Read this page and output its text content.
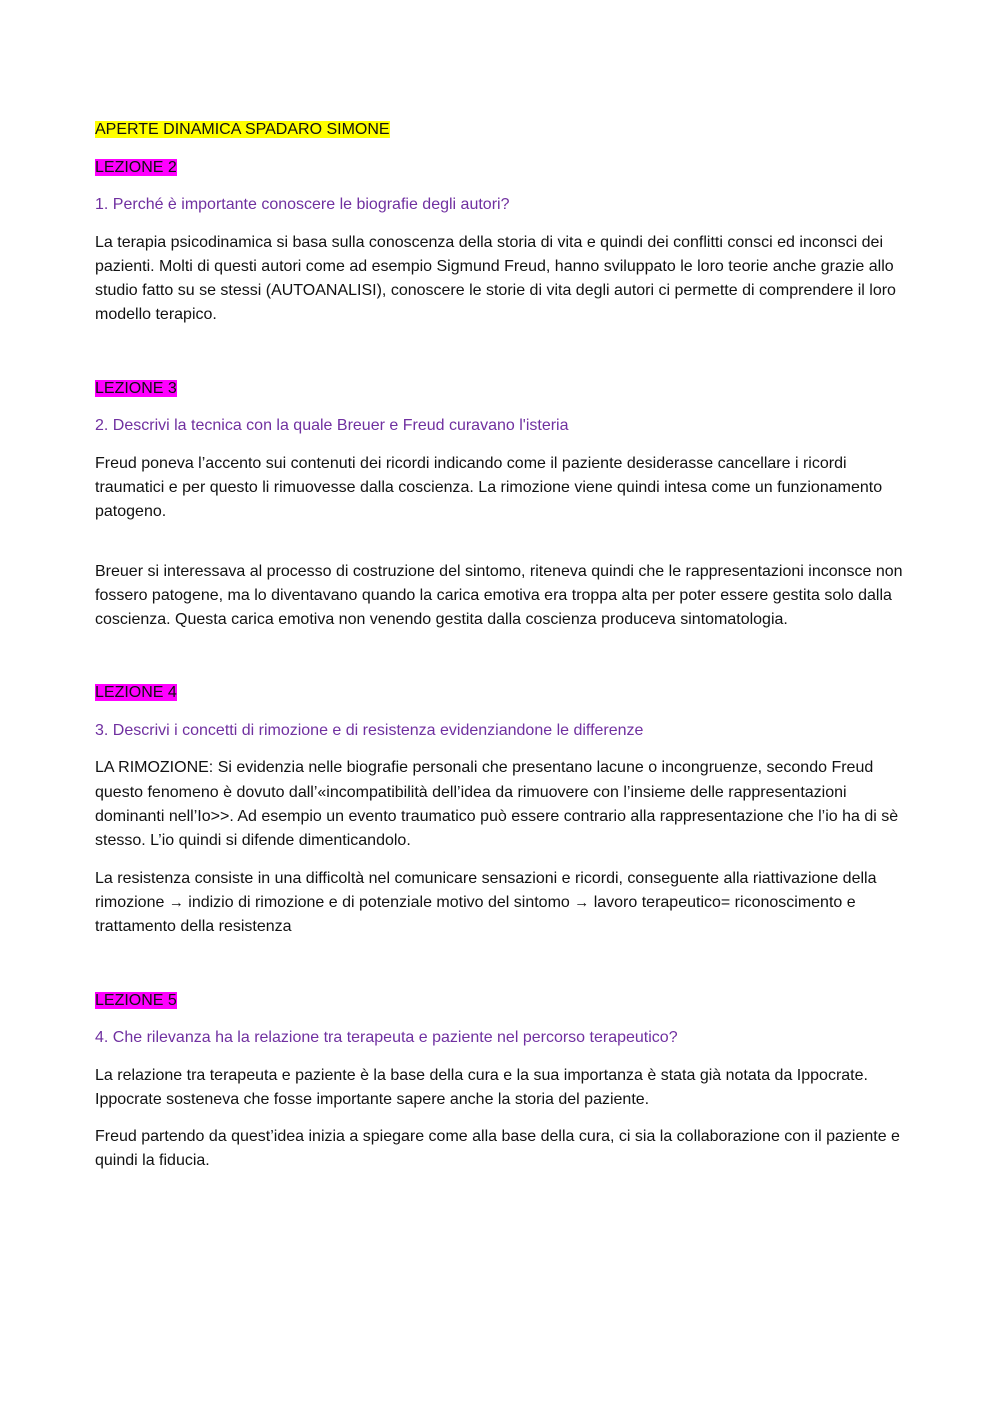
APERTE DINAMICA SPADARO SIMONE
LEZIONE 2
1. Perché è importante conoscere le biografie degli autori?

La terapia psicodinamica si basa sulla conoscenza della storia di vita e quindi dei conflitti consci ed inconsci dei pazienti. Molti di questi autori come ad esempio Sigmund Freud, hanno sviluppato le loro teorie anche grazie allo studio fatto su se stessi (AUTOANALISI), conoscere le storie di vita degli autori ci permette di comprendere il loro modello terapico.

LEZIONE 3
2. Descrivi la tecnica con la quale Breuer e Freud curavano l'isteria

Freud poneva l’accento sui contenuti dei ricordi indicando come il paziente desiderasse cancellare i ricordi traumatici e per questo li rimuovesse dalla coscienza. La rimozione viene quindi intesa come un funzionamento patogeno.

Breuer si interessava al processo di costruzione del sintomo, riteneva quindi che le rappresentazioni inconsce non fossero patogene, ma lo diventavano quando la carica emotiva era troppa alta per poter essere gestita solo dalla coscienza. Questa carica emotiva non venendo gestita dalla coscienza produceva sintomatologia.

LEZIONE 4
3. Descrivi i concetti di rimozione e di resistenza evidenziandone le differenze

LA RIMOZIONE: Si evidenzia nelle biografie personali che presentano lacune o incongruenze, secondo Freud questo fenomeno è dovuto dall’«incompatibilità dell’idea da rimuovere con l’insieme delle rappresentazioni dominanti nell’Io>>. Ad esempio un evento traumatico può essere contrario alla rappresentazione che l’io ha di sè stesso. L’io quindi si difende dimenticandolo.

La resistenza consiste in una difficoltà nel comunicare sensazioni e ricordi, conseguente alla riattivazione della rimozione → indizio di rimozione e di potenziale motivo del sintomo → lavoro terapeutico= riconoscimento e trattamento della resistenza

LEZIONE 5
4. Che rilevanza ha la relazione tra terapeuta e paziente nel percorso terapeutico?

La relazione tra terapeuta e paziente è la base della cura e la sua importanza è stata già notata da Ippocrate. Ippocrate sosteneva che fosse importante sapere anche la storia del paziente.

Freud partendo da quest’idea inizia a spiegare come alla base della cura, ci sia la collaborazione con il paziente e quindi la fiducia.
